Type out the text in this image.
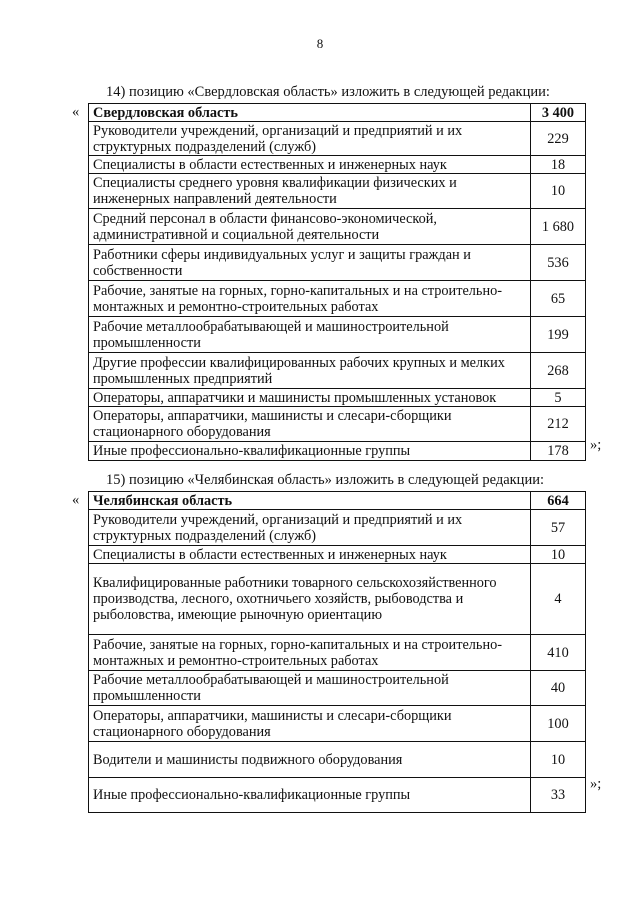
8
14) позицию «Свердловская область» изложить в следующей редакции:
« Свердловская область	3 400
Руководители учреждений, организаций и предприятий и их структурных подразделений (служб)	229
Специалисты в области естественных и инженерных наук	18
Специалисты среднего уровня квалификации физических и инженерных направлений деятельности	10
Средний персонал в области финансово-экономической, административной и социальной деятельности	1 680
Работники сферы индивидуальных услуг и защиты граждан и собственности	536
Рабочие, занятые на горных, горно-капитальных и на строительно-монтажных и ремонтно-строительных работах	65
Рабочие металлообрабатывающей и машиностроительной промышленности	199
Другие профессии квалифицированных рабочих крупных и мелких промышленных предприятий	268
Операторы, аппаратчики и машинисты промышленных установок	5
Операторы, аппаратчики, машинисты и слесари-сборщики стационарного оборудования	212
Иные профессионально-квалификационные группы	178 »;
15) позицию «Челябинская область» изложить в следующей редакции:
« Челябинская область	664
Руководители учреждений, организаций и предприятий и их структурных подразделений (служб)	57
Специалисты в области естественных и инженерных наук	10
Квалифицированные работники товарного сельскохозяйственного производства, лесного, охотничьего хозяйств, рыбоводства и рыболовства, имеющие рыночную ориентацию	4
Рабочие, занятые на горных, горно-капитальных и на строительно-монтажных и ремонтно-строительных работах	410
Рабочие металлообрабатывающей и машиностроительной промышленности	40
Операторы, аппаратчики, машинисты и слесари-сборщики стационарного оборудования	100
Водители и машинисты подвижного оборудования	10
Иные профессионально-квалификационные группы	33
»;
